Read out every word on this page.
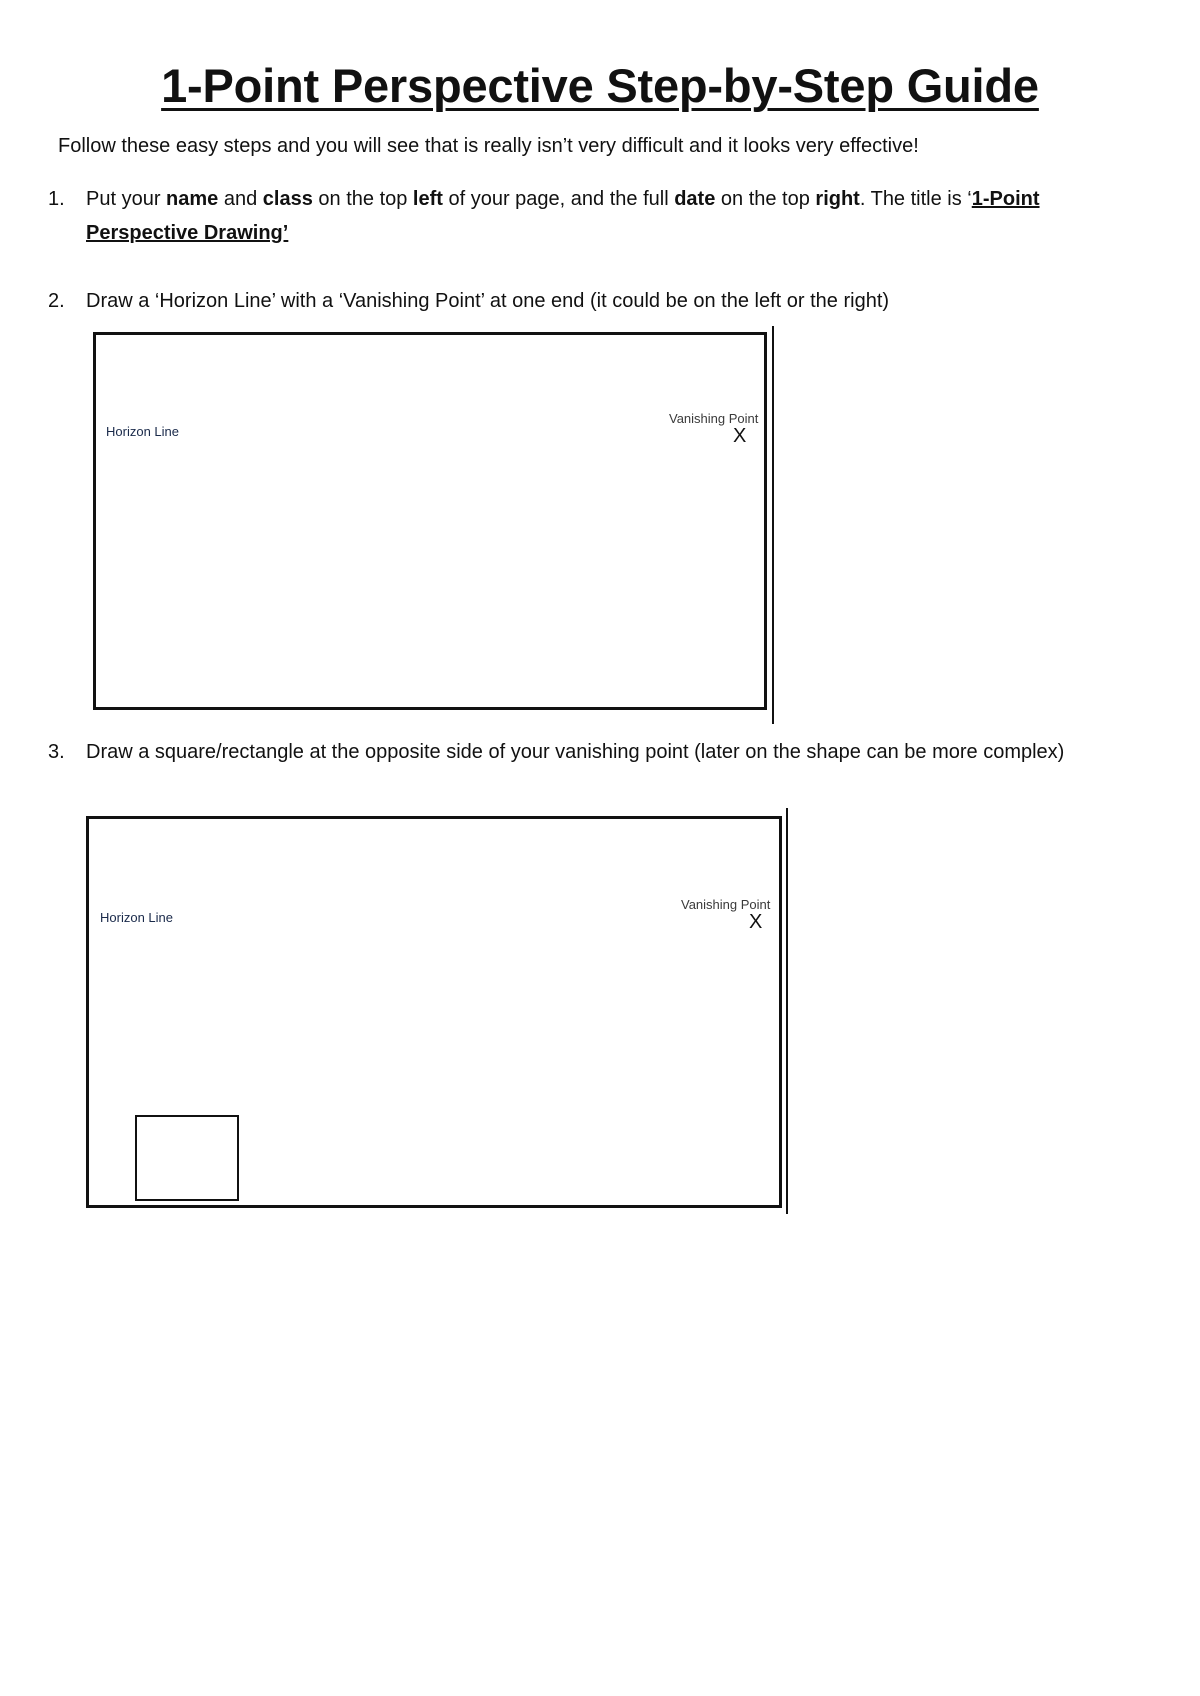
1-Point Perspective Step-by-Step Guide

Follow these easy steps and you will see that is really isn’t very difficult and it looks very effective!

1. Put your name and class on the top left of your page, and the full date on the top right. The title is ‘1-Point Perspective Drawing’
2. Draw a ‘Horizon Line’ with a ‘Vanishing Point’ at one end (it could be on the left or the right)
Horizon Line
Vanishing Point
X
3. Draw a square/rectangle at the opposite side of your vanishing point (later on the shape can be more complex)
Horizon Line
Vanishing Point
X
